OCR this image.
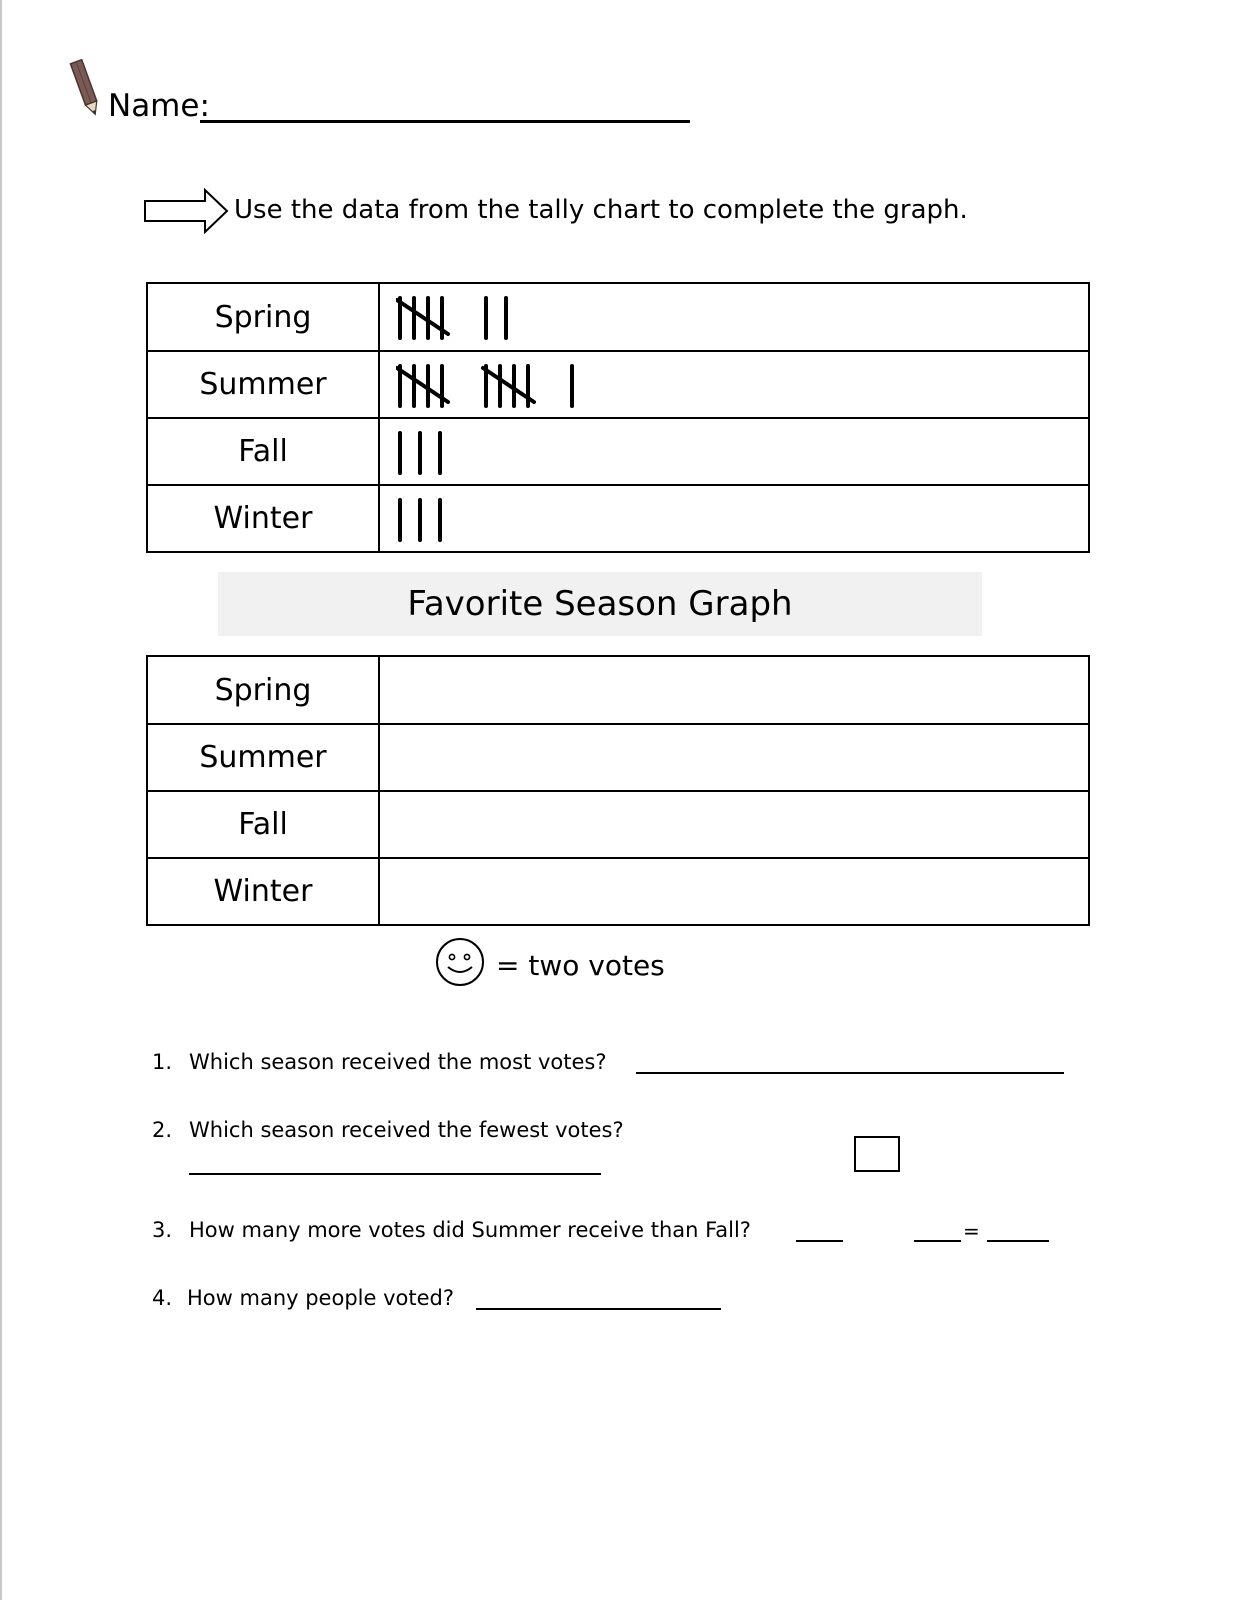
Name:
Use the data from the tally chart to complete the graph.
Spring
Summer
Fall
Winter
Favorite Season Graph
Spring
Summer
Fall
Winter
= two votes
1. Which season received the most votes?
2. Which season received the fewest votes?
3. How many more votes did Summer receive than Fall?	=
4. How many people voted?
